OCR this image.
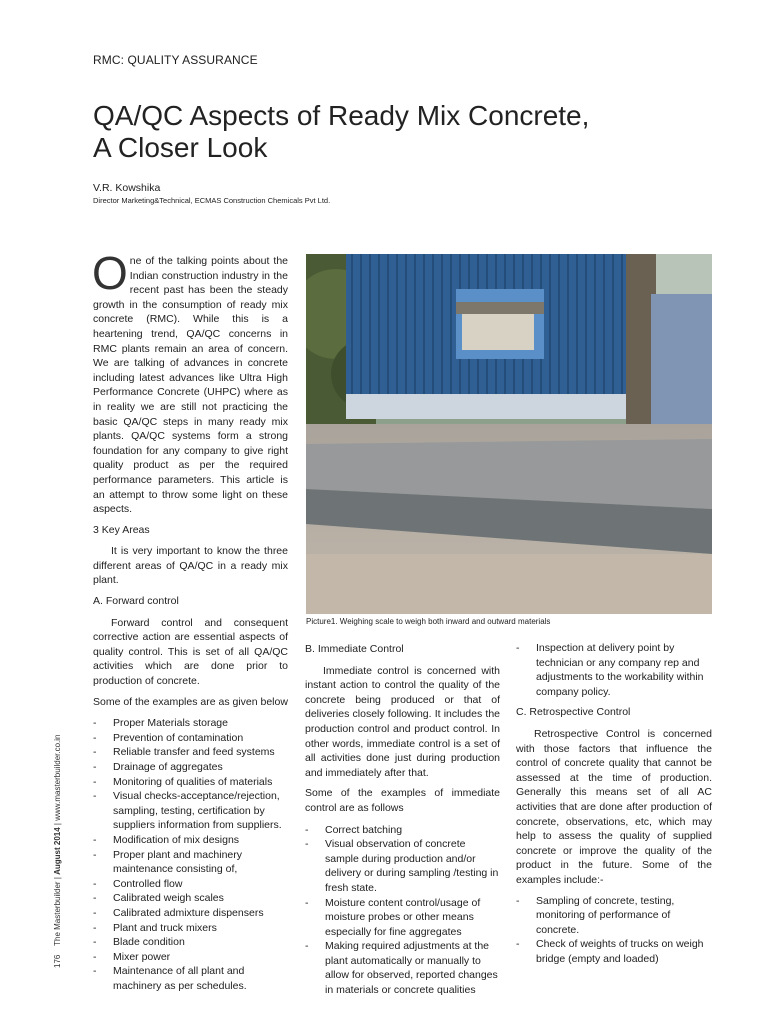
RMC: QUALITY ASSURANCE
QA/QC Aspects of Ready Mix Concrete,
A Closer Look
V.R. Kowshika
Director Marketing&Technical, ECMAS Construction Chemicals Pvt Ltd.

One of the talking points about the Indian construction industry in the recent past has been the steady growth in the consumption of ready mix concrete (RMC). While this is a heartening trend, QA/QC concerns in RMC plants remain an area of concern. We are talking of advances in concrete including latest advances like Ultra High Performance Concrete (UHPC) where as in reality we are still not practicing the basic QA/QC steps in many ready mix plants. QA/QC systems form a strong foundation for any company to give right quality product as per the required performance parameters. This article is an attempt to throw some light on these aspects.

3 Key Areas

It is very important to know the three different areas of QA/QC in a ready mix plant.

A. Forward control

Forward control and consequent corrective action are essential aspects of quality control. This is set of all QA/QC activities which are done prior to production of concrete.

Some of the examples are as given below
- Proper Materials storage
- Prevention of contamination
- Reliable transfer and feed systems
- Drainage of aggregates
- Monitoring of qualities of materials
- Visual checks-acceptance/rejection, sampling, testing, certification by suppliers information from suppliers.
- Modification of mix designs
- Proper plant and machinery maintenance consisting of,
- Controlled flow
- Calibrated weigh scales
- Calibrated admixture dispensers
- Plant and truck mixers
- Blade condition
- Mixer power
- Maintenance of all plant and machinery as per schedules.
Picture1. Weighing scale to weigh both inward and outward materials
B. Immediate Control

Immediate control is concerned with instant action to control the quality of the concrete being produced or that of deliveries closely following. It includes the production control and product control. In other words, immediate control is a set of all activities done just during production and immediately after that.

Some of the examples of immediate control are as follows
- Correct batching
- Visual observation of concrete sample during production and/or delivery or during sampling /testing in fresh state.
- Moisture content control/usage of moisture probes or other means especially for fine aggregates
- Making required adjustments at the plant automatically or manually to allow for observed, reported changes in materials or concrete qualities
- Inspection at delivery point by technician or any company rep and adjustments to the workability within company policy.
C. Retrospective Control

Retrospective Control is concerned with those factors that influence the control of concrete quality that cannot be assessed at the time of production. Generally this means set of all AC activities that are done after production of concrete, observations, etc, which may help to assess the quality of supplied concrete or improve the quality of the product in the future. Some of the examples include:-

- Sampling of concrete, testing, monitoring of performance of concrete.
- Check of weights of trucks on weigh bridge (empty and loaded)
176    The Masterbuilder | August 2014 | www.masterbuilder.co.in
